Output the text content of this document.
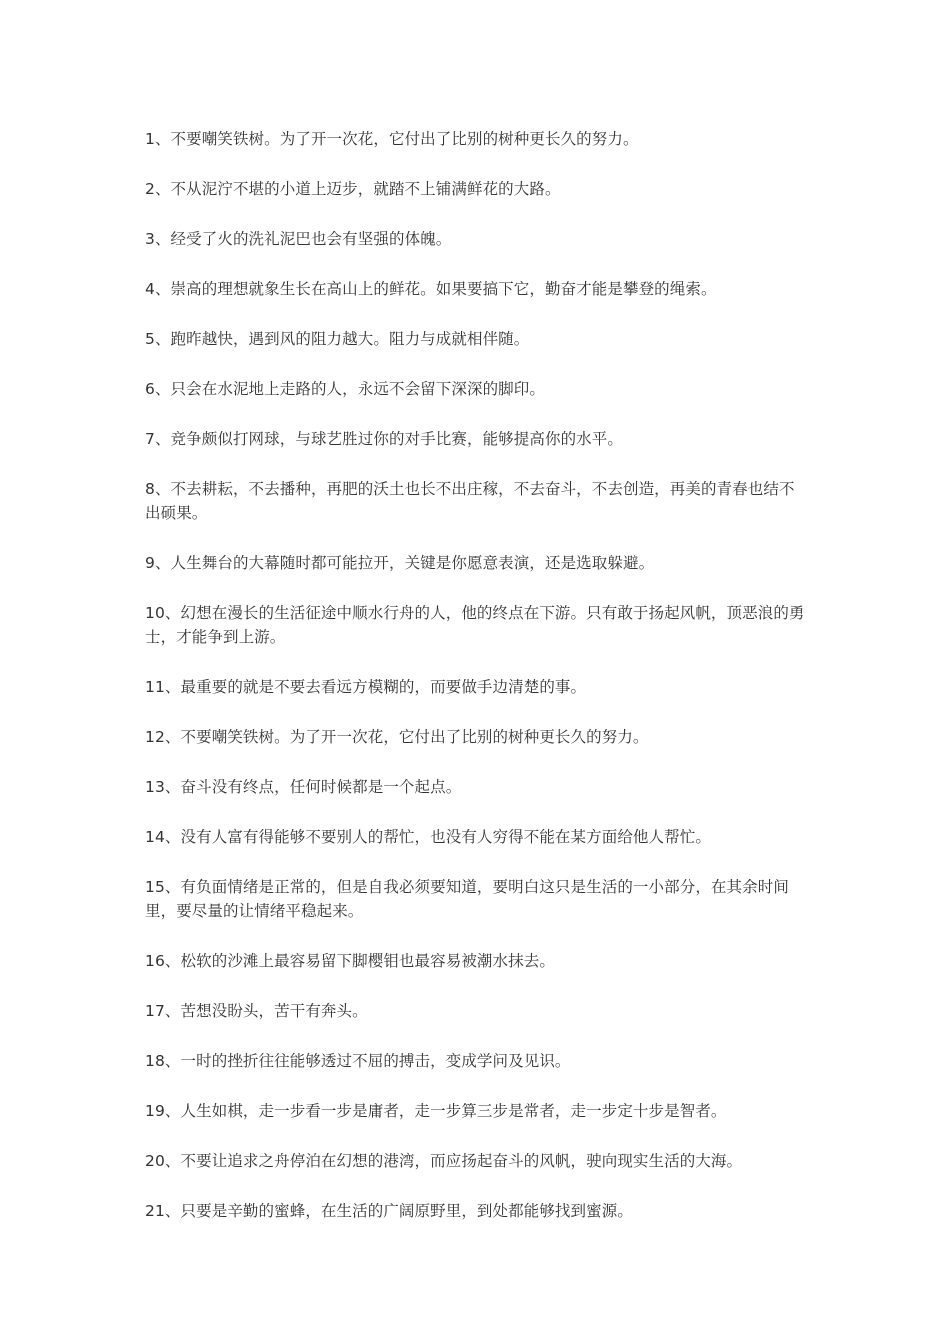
1、不要嘲笑铁树。为了开一次花，它付出了比别的树种更长久的努力。

2、不从泥泞不堪的小道上迈步，就踏不上铺满鲜花的大路。

3、经受了火的洗礼泥巴也会有坚强的体魄。

4、崇高的理想就象生长在高山上的鲜花。如果要搞下它，勤奋才能是攀登的绳索。

5、跑昨越快，遇到风的阻力越大。阻力与成就相伴随。

6、只会在水泥地上走路的人，永远不会留下深深的脚印。

7、竞争颇似打网球，与球艺胜过你的对手比赛，能够提高你的水平。

8、不去耕耘，不去播种，再肥的沃土也长不出庄稼，不去奋斗，不去创造，再美的青春也结不出硕果。

9、人生舞台的大幕随时都可能拉开，关键是你愿意表演，还是选取躲避。

10、幻想在漫长的生活征途中顺水行舟的人，他的终点在下游。只有敢于扬起风帆，顶恶浪的勇士，才能争到上游。

11、最重要的就是不要去看远方模糊的，而要做手边清楚的事。

12、不要嘲笑铁树。为了开一次花，它付出了比别的树种更长久的努力。

13、奋斗没有终点，任何时候都是一个起点。

14、没有人富有得能够不要别人的帮忙，也没有人穷得不能在某方面给他人帮忙。

15、有负面情绪是正常的，但是自我必须要知道，要明白这只是生活的一小部分，在其余时间里，要尽量的让情绪平稳起来。

16、松软的沙滩上最容易留下脚樱钼也最容易被潮水抹去。

17、苦想没盼头，苦干有奔头。

18、一时的挫折往往能够透过不屈的搏击，变成学问及见识。

19、人生如棋，走一步看一步是庸者，走一步算三步是常者，走一步定十步是智者。

20、不要让追求之舟停泊在幻想的港湾，而应扬起奋斗的风帆，驶向现实生活的大海。

21、只要是辛勤的蜜蜂，在生活的广阔原野里，到处都能够找到蜜源。
